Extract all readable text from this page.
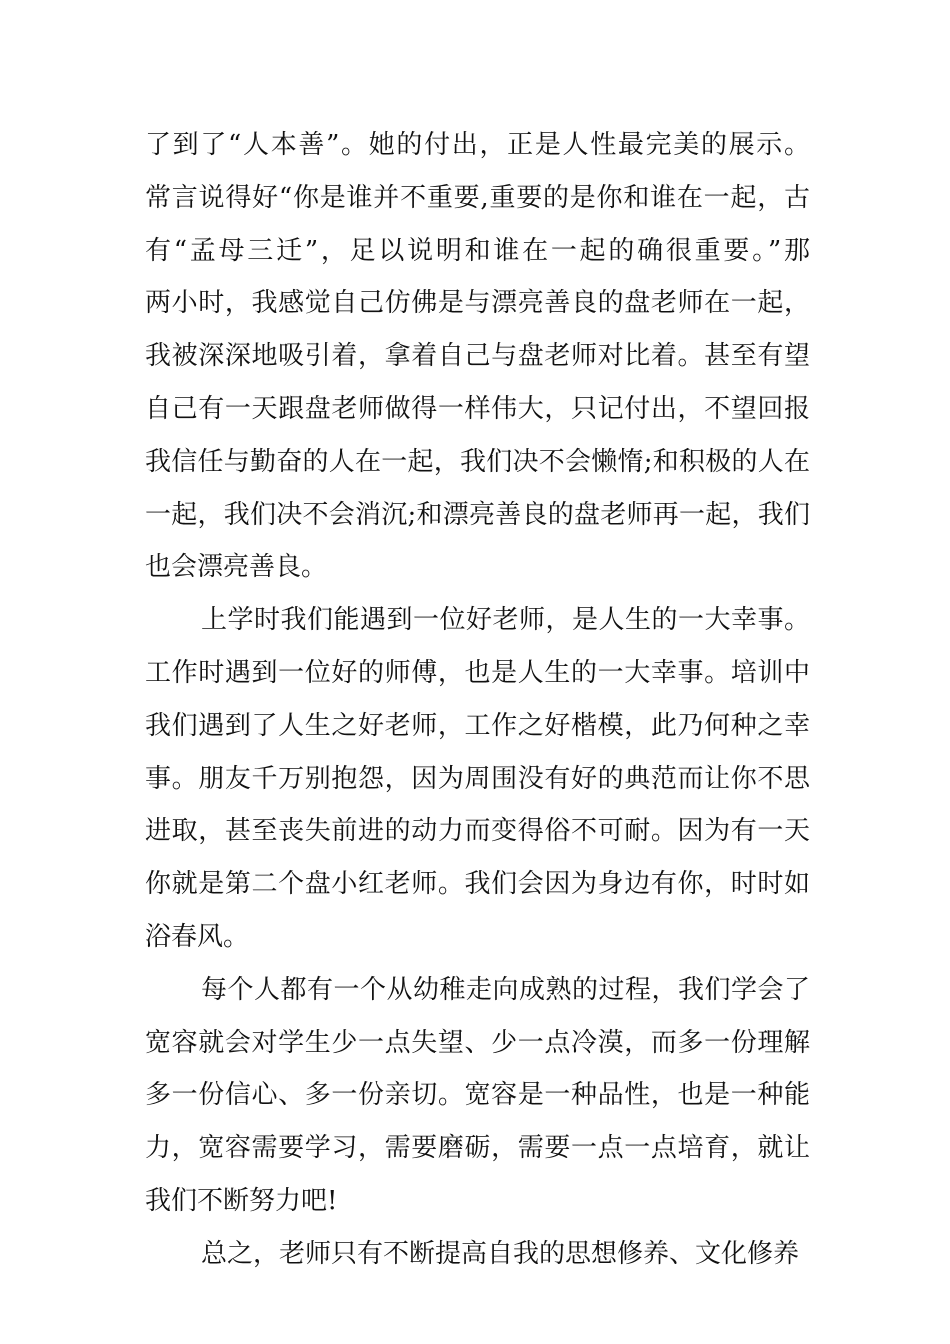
了到了“人本善”。她的付出，正是人性最完美的展示。
常言说得好“你是谁并不重要,重要的是你和谁在一起，古
有“孟母三迁”，足以说明和谁在一起的确很重要。”那
两小时，我感觉自己仿佛是与漂亮善良的盘老师在一起，
我被深深地吸引着，拿着自己与盘老师对比着。甚至有望
自己有一天跟盘老师做得一样伟大，只记付出，不望回报
我信任与勤奋的人在一起，我们决不会懒惰;和积极的人在
一起，我们决不会消沉;和漂亮善良的盘老师再一起，我们
也会漂亮善良。
上学时我们能遇到一位好老师，是人生的一大幸事。
工作时遇到一位好的师傅，也是人生的一大幸事。培训中
我们遇到了人生之好老师，工作之好楷模，此乃何种之幸
事。朋友千万别抱怨，因为周围没有好的典范而让你不思
进取，甚至丧失前进的动力而变得俗不可耐。因为有一天
你就是第二个盘小红老师。我们会因为身边有你，时时如
浴春风。
每个人都有一个从幼稚走向成熟的过程，我们学会了
宽容就会对学生少一点失望、少一点冷漠，而多一份理解
多一份信心、多一份亲切。宽容是一种品性，也是一种能
力，宽容需要学习，需要磨砺，需要一点一点培育，就让
我们不断努力吧!
总之，老师只有不断提高自我的思想修养、文化修养
